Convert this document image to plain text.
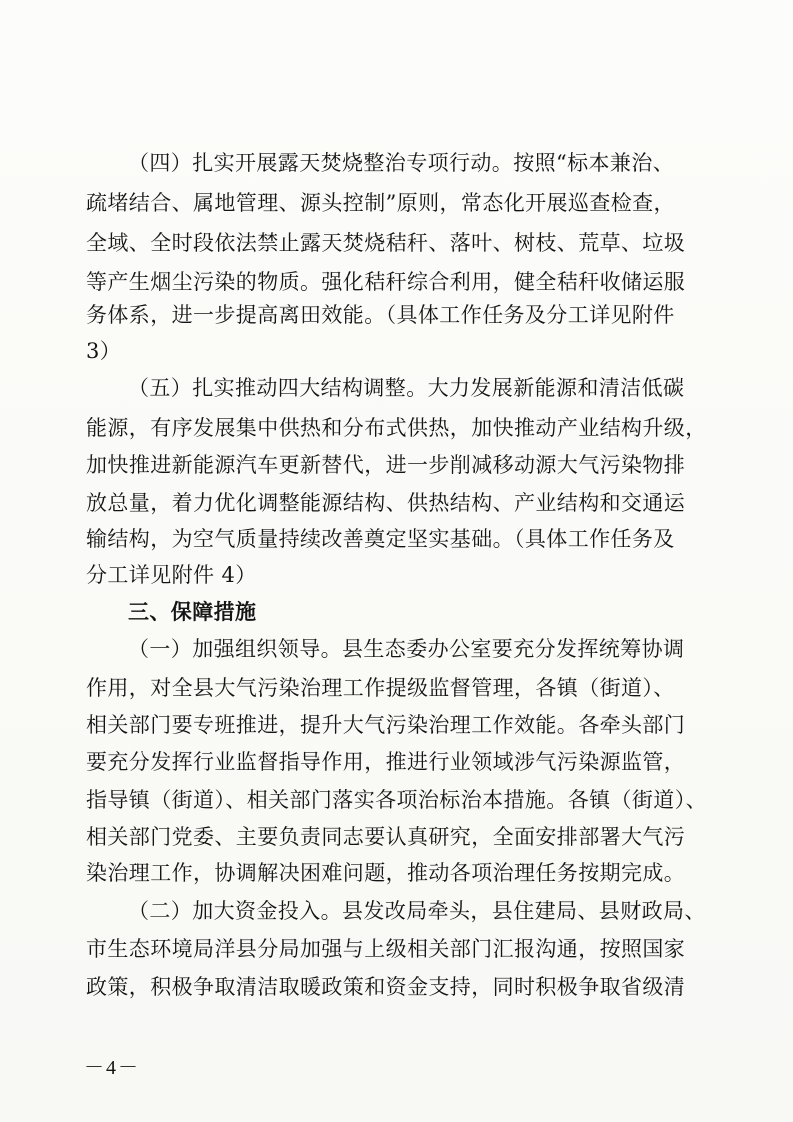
（四）扎实开展露天焚烧整治专项行动。按照“标本兼治、
疏堵结合、属地管理、源头控制”原则，常态化开展巡查检查，
全域、全时段依法禁止露天焚烧秸秆、落叶、树枝、荒草、垃圾
等产生烟尘污染的物质。强化秸秆综合利用，健全秸秆收储运服
务体系，进一步提高离田效能。（具体工作任务及分工详见附件
3）
（五）扎实推动四大结构调整。大力发展新能源和清洁低碳
能源，有序发展集中供热和分布式供热，加快推动产业结构升级，
加快推进新能源汽车更新替代，进一步削减移动源大气污染物排
放总量，着力优化调整能源结构、供热结构、产业结构和交通运
输结构，为空气质量持续改善奠定坚实基础。（具体工作任务及
分工详见附件 4）
三、保障措施
（一）加强组织领导。县生态委办公室要充分发挥统筹协调
作用，对全县大气污染治理工作提级监督管理，各镇（街道）、
相关部门要专班推进，提升大气污染治理工作效能。各牵头部门
要充分发挥行业监督指导作用，推进行业领域涉气污染源监管，
指导镇（街道）、相关部门落实各项治标治本措施。各镇（街道）、
相关部门党委、主要负责同志要认真研究，全面安排部署大气污
染治理工作，协调解决困难问题，推动各项治理任务按期完成。
（二）加大资金投入。县发改局牵头，县住建局、县财政局、
市生态环境局洋县分局加强与上级相关部门汇报沟通，按照国家
政策，积极争取清洁取暖政策和资金支持，同时积极争取省级清
－4－
